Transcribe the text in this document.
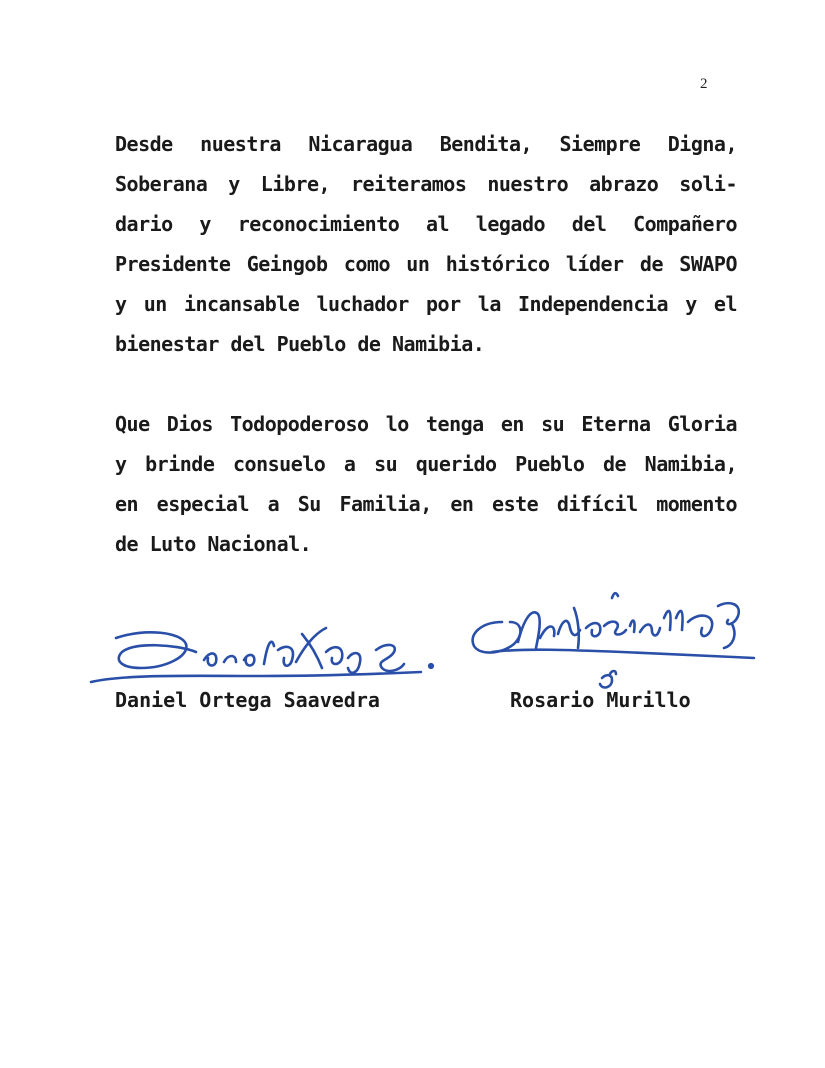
2

Desde nuestra Nicaragua Bendita, Siempre Digna,
Soberana y Libre, reiteramos nuestro abrazo soli-
dario y reconocimiento al legado del Compañero
Presidente Geingob como un histórico líder de SWAPO
y un incansable luchador por la Independencia y el
bienestar del Pueblo de Namibia.

Que Dios Todopoderoso lo tenga en su Eterna Gloria
y brinde consuelo a su querido Pueblo de Namibia,
en especial a Su Familia, en este difícil momento
de Luto Nacional.

Daniel Ortega Saavedra	Rosario Murillo
